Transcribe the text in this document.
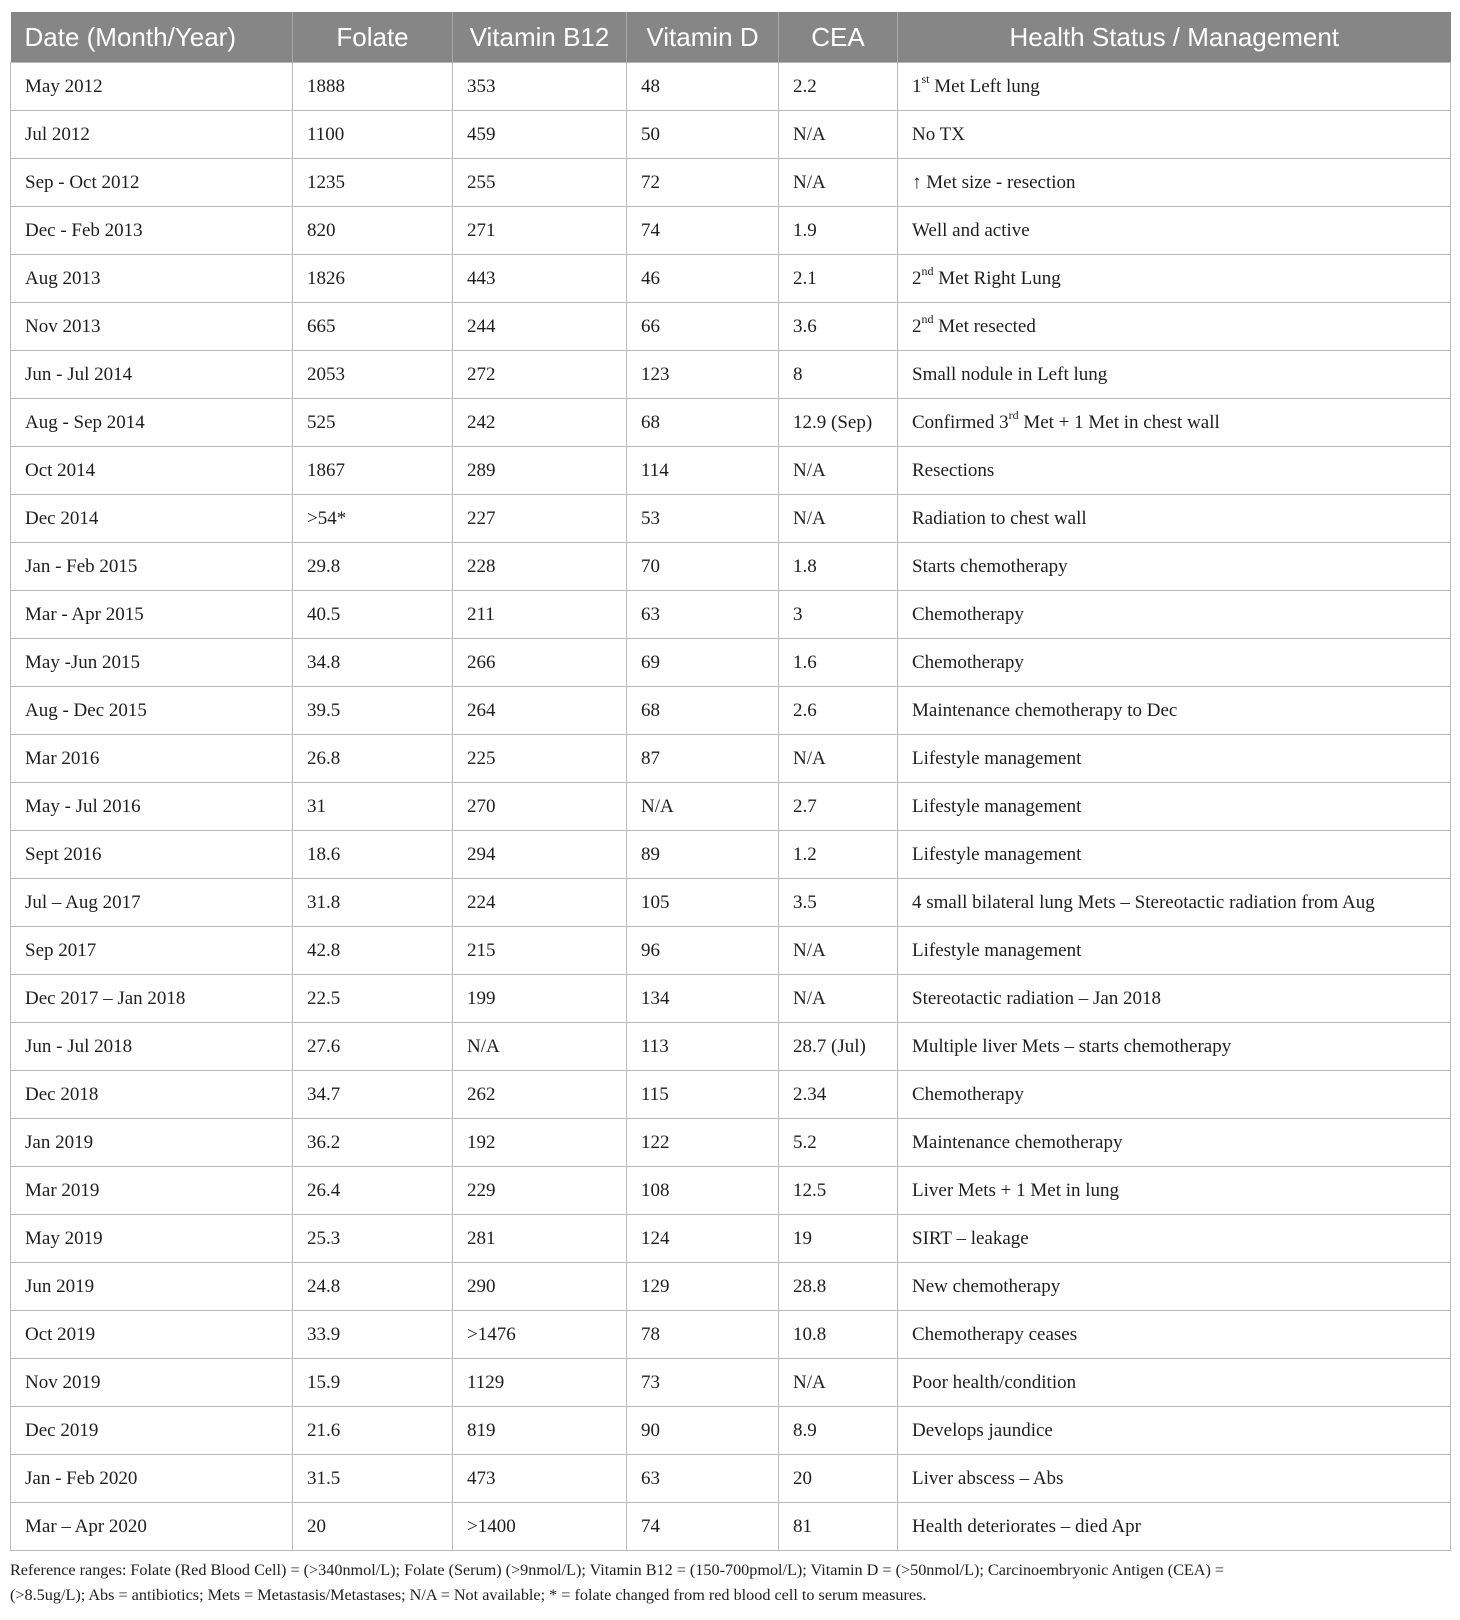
Date (Month/Year)	Folate	Vitamin B12	Vitamin D	CEA	Health Status / Management
May 2012	1888	353	48	2.2	1st Met Left lung
Jul 2012	1100	459	50	N/A	No TX
Sep - Oct 2012	1235	255	72	N/A	↑ Met size - resection
Dec - Feb 2013	820	271	74	1.9	Well and active
Aug 2013	1826	443	46	2.1	2nd Met Right Lung
Nov 2013	665	244	66	3.6	2nd Met resected
Jun - Jul 2014	2053	272	123	8	Small nodule in Left lung
Aug - Sep 2014	525	242	68	12.9 (Sep)	Confirmed 3rd Met + 1 Met in chest wall
Oct 2014	1867	289	114	N/A	Resections
Dec 2014	>54*	227	53	N/A	Radiation to chest wall
Jan - Feb 2015	29.8	228	70	1.8	Starts chemotherapy
Mar - Apr 2015	40.5	211	63	3	Chemotherapy
May -Jun 2015	34.8	266	69	1.6	Chemotherapy
Aug - Dec 2015	39.5	264	68	2.6	Maintenance chemotherapy to Dec
Mar 2016	26.8	225	87	N/A	Lifestyle management
May - Jul 2016	31	270	N/A	2.7	Lifestyle management
Sept 2016	18.6	294	89	1.2	Lifestyle management
Jul – Aug 2017	31.8	224	105	3.5	4 small bilateral lung Mets – Stereotactic radiation from Aug
Sep 2017	42.8	215	96	N/A	Lifestyle management
Dec 2017 – Jan 2018	22.5	199	134	N/A	Stereotactic radiation – Jan 2018
Jun - Jul 2018	27.6	N/A	113	28.7 (Jul)	Multiple liver Mets – starts chemotherapy
Dec 2018	34.7	262	115	2.34	Chemotherapy
Jan 2019	36.2	192	122	5.2	Maintenance chemotherapy
Mar 2019	26.4	229	108	12.5	Liver Mets + 1 Met in lung
May 2019	25.3	281	124	19	SIRT – leakage
Jun 2019	24.8	290	129	28.8	New chemotherapy
Oct 2019	33.9	>1476	78	10.8	Chemotherapy ceases
Nov 2019	15.9	1129	73	N/A	Poor health/condition
Dec 2019	21.6	819	90	8.9	Develops jaundice
Jan - Feb 2020	31.5	473	63	20	Liver abscess – Abs
Mar – Apr 2020	20	>1400	74	81	Health deteriorates – died Apr
Reference ranges: Folate (Red Blood Cell) = (>340nmol/L); Folate (Serum) (>9nmol/L); Vitamin B12 = (150-700pmol/L); Vitamin D = (>50nmol/L); Carcinoembryonic Antigen (CEA) =
(>8.5ug/L); Abs = antibiotics; Mets = Metastasis/Metastases; N/A = Not available; * = folate changed from red blood cell to serum measures.
